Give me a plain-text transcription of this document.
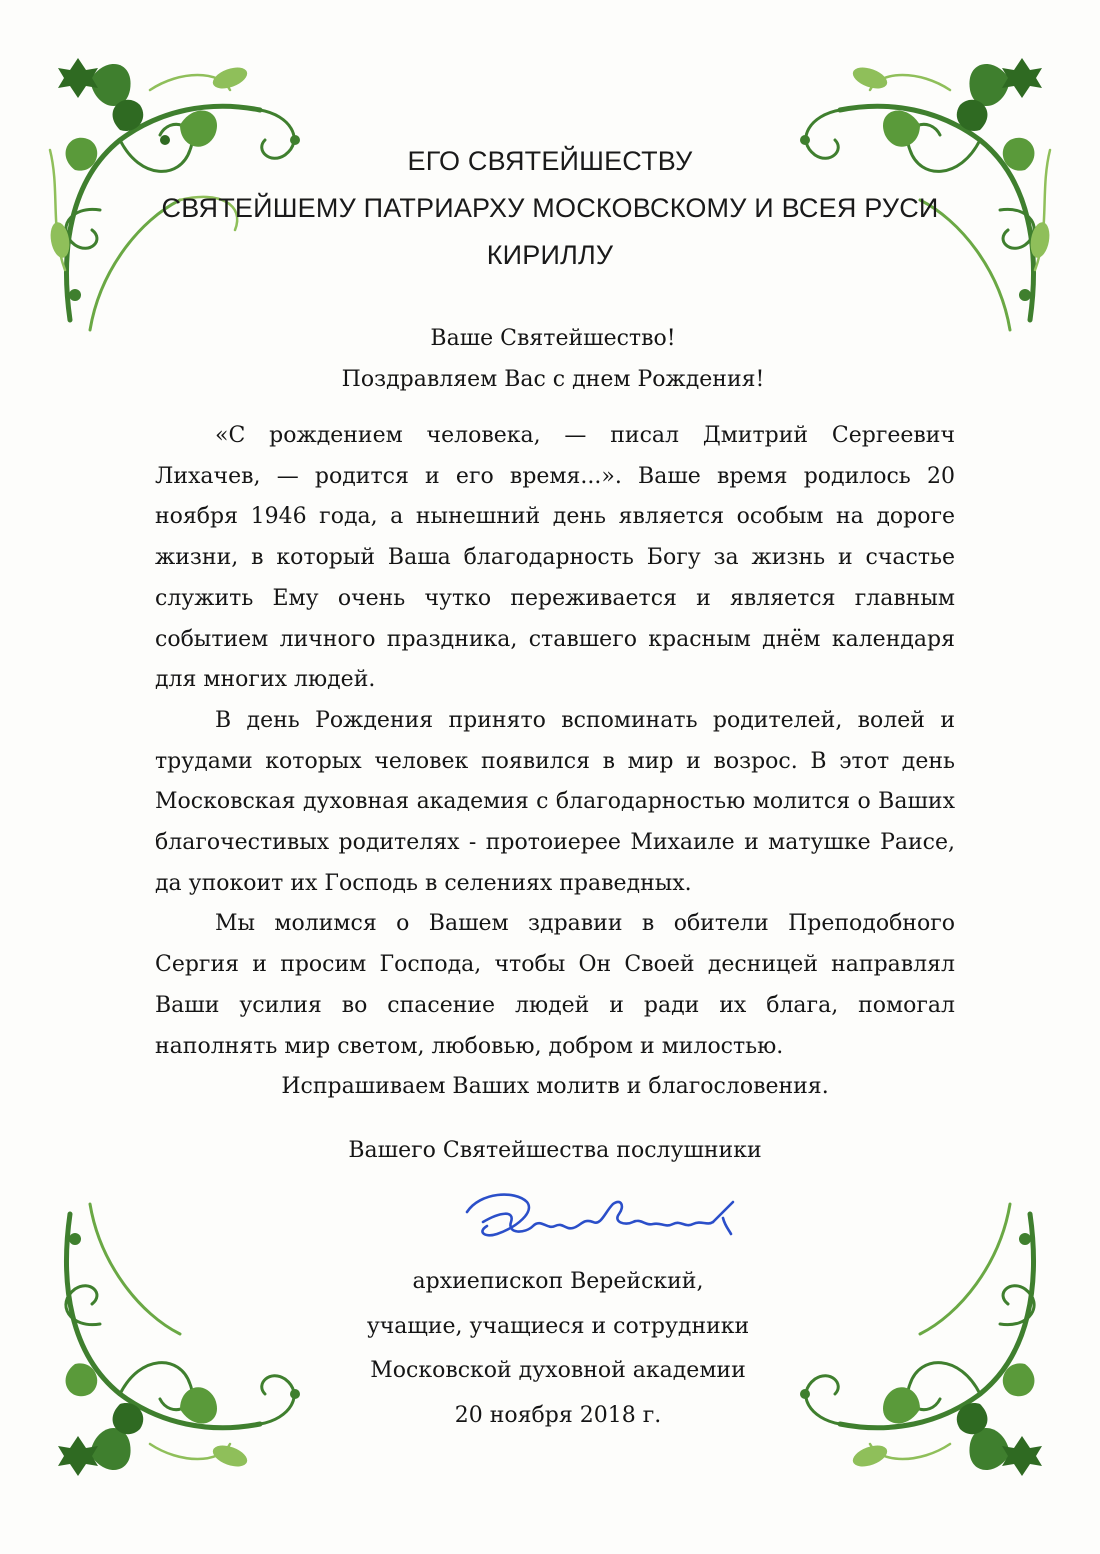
ЕГО СВЯТЕЙШЕСТВУ
СВЯТЕЙШЕМУ ПАТРИАРХУ МОСКОВСКОМУ И ВСЕЯ РУСИ
КИРИЛЛУ
Ваше Святейшество!
Поздравляем Вас с днем Рождения!

«С рождением человека, — писал Дмитрий Сергеевич Лихачев, — родится и его время...». Ваше время родилось 20 ноября 1946 года, а нынешний день является особым на дороге жизни, в который Ваша благодарность Богу за жизнь и счастье служить Ему очень чутко переживается и является главным событием личного праздника, ставшего красным днём календаря для многих людей.

В день Рождения принято вспоминать родителей, волей и трудами которых человек появился в мир и возрос. В этот день Московская духовная академия с благодарностью молится о Ваших благочестивых родителях - протоиерее Михаиле и матушке Раисе, да упокоит их Господь в селениях праведных.

Мы молимся о Вашем здравии в обители Преподобного Сергия и просим Господа, чтобы Он Своей десницей направлял Ваши усилия во спасение людей и ради их блага, помогал наполнять мир светом, любовью, добром и милостью.

Испрашиваем Ваших молитв и благословения.

Вашего Святейшества послушники
архиепископ Верейский,
учащие, учащиеся и сотрудники
Московской духовной академии
20 ноября 2018 г.
